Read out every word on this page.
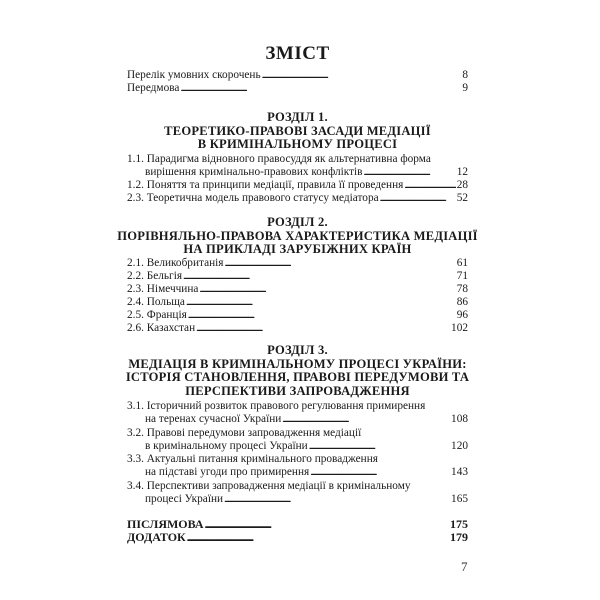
ЗМІСТ
Перелік умовних скорочень . . .	8
Передмова . . .	9
РОЗДІЛ 1.
ТЕОРЕТИКО-ПРАВОВІ ЗАСАДИ МЕДІАЦІЇ
В КРИМІНАЛЬНОМУ ПРОЦЕСІ
1.1. Парадигма відновного правосуддя як альтернативна форма
вирішення кримінально-правових конфліктів . . .	12
1.2. Поняття та принципи медіації, правила її проведення . . .	28
2.3. Теоретична модель правового статусу медіатора . . .	52
РОЗДІЛ 2.
ПОРІВНЯЛЬНО-ПРАВОВА ХАРАКТЕРИСТИКА МЕДІАЦІЇ
НА ПРИКЛАДІ ЗАРУБІЖНИХ КРАЇН
2.1. Великобританія . . .	61
2.2. Бельгія . . .	71
2.3. Німеччина . . .	78
2.4. Польща . . .	86
2.5. Франція . . .	96
2.6. Казахстан . . .	102
РОЗДІЛ 3.
МЕДІАЦІЯ В КРИМІНАЛЬНОМУ ПРОЦЕСІ УКРАЇНИ:
ІСТОРІЯ СТАНОВЛЕННЯ, ПРАВОВІ ПЕРЕДУМОВИ ТА
ПЕРСПЕКТИВИ ЗАПРОВАДЖЕННЯ
3.1. Історичний розвиток правового регулювання примирення
на теренах сучасної України . . .	108
3.2. Правові передумови запровадження медіації
в кримінальному процесі України . . .	120
3.3. Актуальні питання кримінального провадження
на підставі угоди про примирення . . .	143
3.4. Перспективи запровадження медіації в кримінальному
процесі України . . .	165
ПІСЛЯМОВА . . .	175
ДОДАТОК . . .	179
7
